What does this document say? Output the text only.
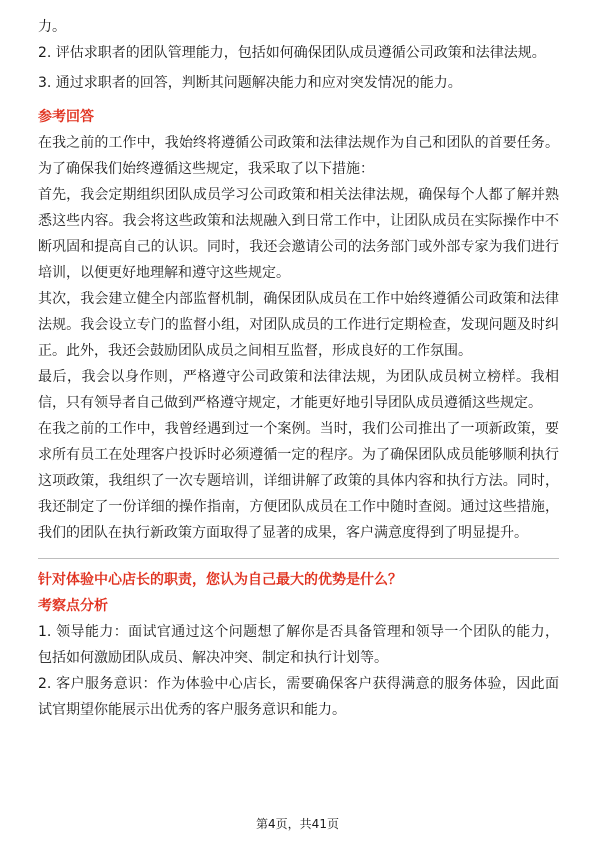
力。

2. 评估求职者的团队管理能力，包括如何确保团队成员遵循公司政策和法律法规。

3. 通过求职者的回答，判断其问题解决能力和应对突发情况的能力。

参考回答

在我之前的工作中，我始终将遵循公司政策和法律法规作为自己和团队的首要任务。为了确保我们始终遵循这些规定，我采取了以下措施：

首先，我会定期组织团队成员学习公司政策和相关法律法规，确保每个人都了解并熟悉这些内容。我会将这些政策和法规融入到日常工作中，让团队成员在实际操作中不断巩固和提高自己的认识。同时，我还会邀请公司的法务部门或外部专家为我们进行培训，以便更好地理解和遵守这些规定。

其次，我会建立健全内部监督机制，确保团队成员在工作中始终遵循公司政策和法律法规。我会设立专门的监督小组，对团队成员的工作进行定期检查，发现问题及时纠正。此外，我还会鼓励团队成员之间相互监督，形成良好的工作氛围。

最后，我会以身作则，严格遵守公司政策和法律法规，为团队成员树立榜样。我相信，只有领导者自己做到严格遵守规定，才能更好地引导团队成员遵循这些规定。

在我之前的工作中，我曾经遇到过一个案例。当时，我们公司推出了一项新政策，要求所有员工在处理客户投诉时必须遵循一定的程序。为了确保团队成员能够顺利执行这项政策，我组织了一次专题培训，详细讲解了政策的具体内容和执行方法。同时，我还制定了一份详细的操作指南，方便团队成员在工作中随时查阅。通过这些措施，我们的团队在执行新政策方面取得了显著的成果，客户满意度得到了明显提升。

针对体验中心店长的职责，您认为自己最大的优势是什么？
考察点分析

1. 领导能力：面试官通过这个问题想了解你是否具备管理和领导一个团队的能力，包括如何激励团队成员、解决冲突、制定和执行计划等。

2. 客户服务意识：作为体验中心店长，需要确保客户获得满意的服务体验，因此面试官期望你能展示出优秀的客户服务意识和能力。

第4页，共41页
